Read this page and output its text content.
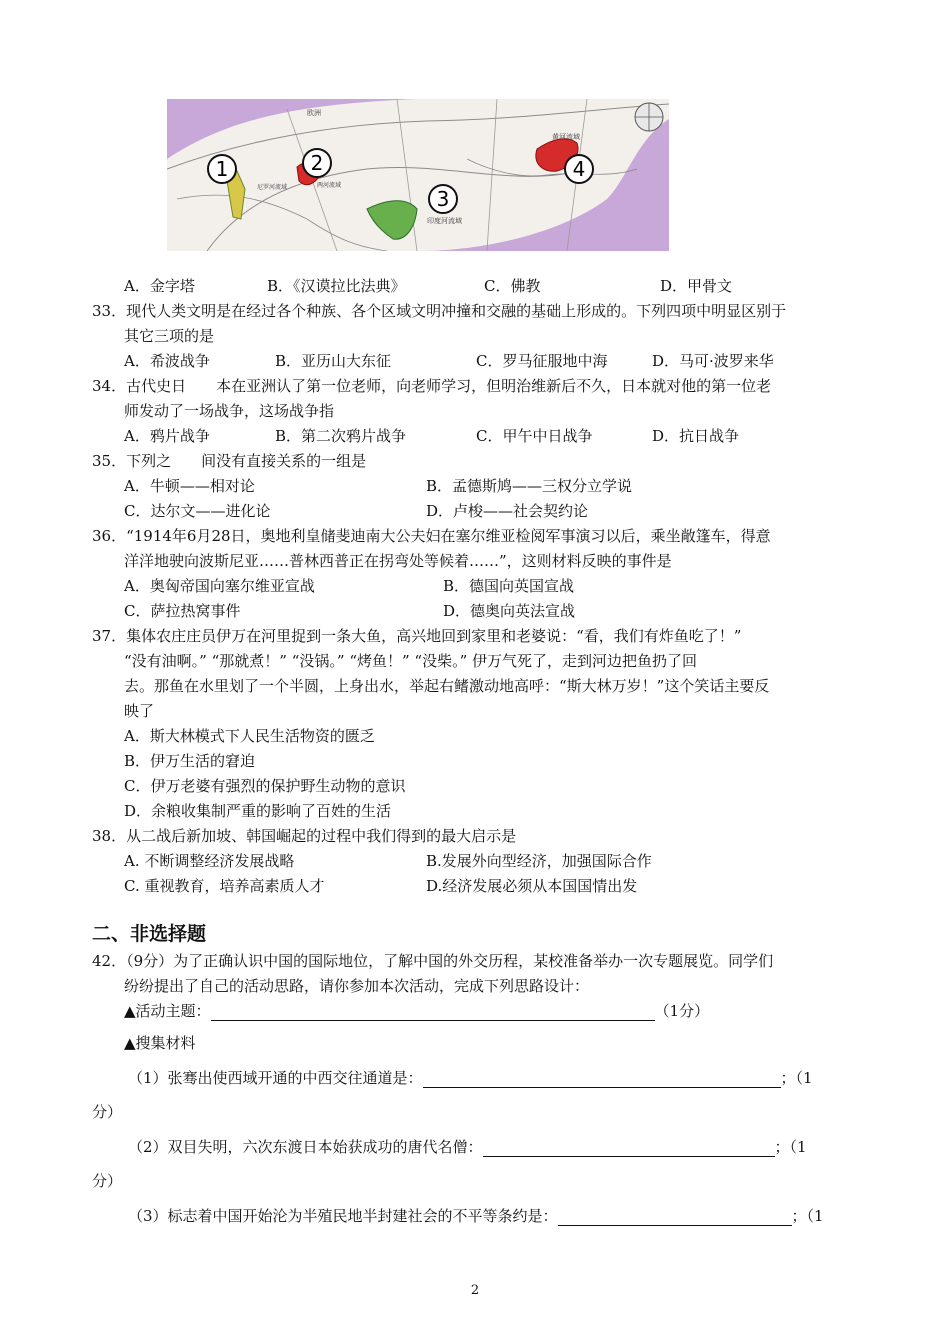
1	2
3
4
欧洲
黄河流域
印度河流域
尼罗河流域	两河流域
A．金字塔	B．《汉谟拉比法典》	C．佛教	D．甲骨文
33．现代人类文明是在经过各个种族、各个区域文明冲撞和交融的基础上形成的。下列四项中明显区别于
其它三项的是
A．希波战争	B．亚历山大东征	C．罗马征服地中海	D．马可·波罗来华
34．古代史日　　本在亚洲认了第一位老师，向老师学习，但明治维新后不久，日本就对他的第一位老
师发动了一场战争，这场战争指
A．鸦片战争	B．第二次鸦片战争	C．甲午中日战争	D．抗日战争
35．下列之　　间没有直接关系的一组是
A．牛顿——相对论	B．孟德斯鸠——三权分立学说
C．达尔文——进化论	D．卢梭——社会契约论
36．“1914年6月28日，奥地利皇储斐迪南大公夫妇在塞尔维亚检阅军事演习以后，乘坐敞篷车，得意
洋洋地驶向波斯尼亚……普林西普正在拐弯处等候着……”，这则材料反映的事件是
A．奥匈帝国向塞尔维亚宣战	B．德国向英国宣战
C．萨拉热窝事件	D．德奥向英法宣战
37．集体农庄庄员伊万在河里捉到一条大鱼，高兴地回到家里和老婆说：“看，我们有炸鱼吃了！”
“没有油啊。” “那就煮！” “没锅。” “烤鱼！” “没柴。” 伊万气死了，走到河边把鱼扔了回
去。那鱼在水里划了一个半圆，上身出水，举起右鳍激动地高呼：“斯大林万岁！”这个笑话主要反
映了
A．斯大林模式下人民生活物资的匮乏
B．伊万生活的窘迫
C．伊万老婆有强烈的保护野生动物的意识
D．余粮收集制严重的影响了百姓的生活
38．从二战后新加坡、韩国崛起的过程中我们得到的最大启示是
A. 不断调整经济发展战略	B.发展外向型经济，加强国际合作
C. 重视教育，培养高素质人才	D.经济发展必须从本国国情出发
二、非选择题
42．（9分）为了正确认识中国的国际地位，了解中国的外交历程，某校准备举办一次专题展览。同学们
纷纷提出了自己的活动思路，请你参加本次活动，完成下列思路设计：
▲活动主题：	（1分）
▲搜集材料
（1）张骞出使西域开通的中西交往通道是：	；（1
分）
（2）双目失明，六次东渡日本始获成功的唐代名僧：	；（1
分）
（3）标志着中国开始沦为半殖民地半封建社会的不平等条约是：	；（1
2
